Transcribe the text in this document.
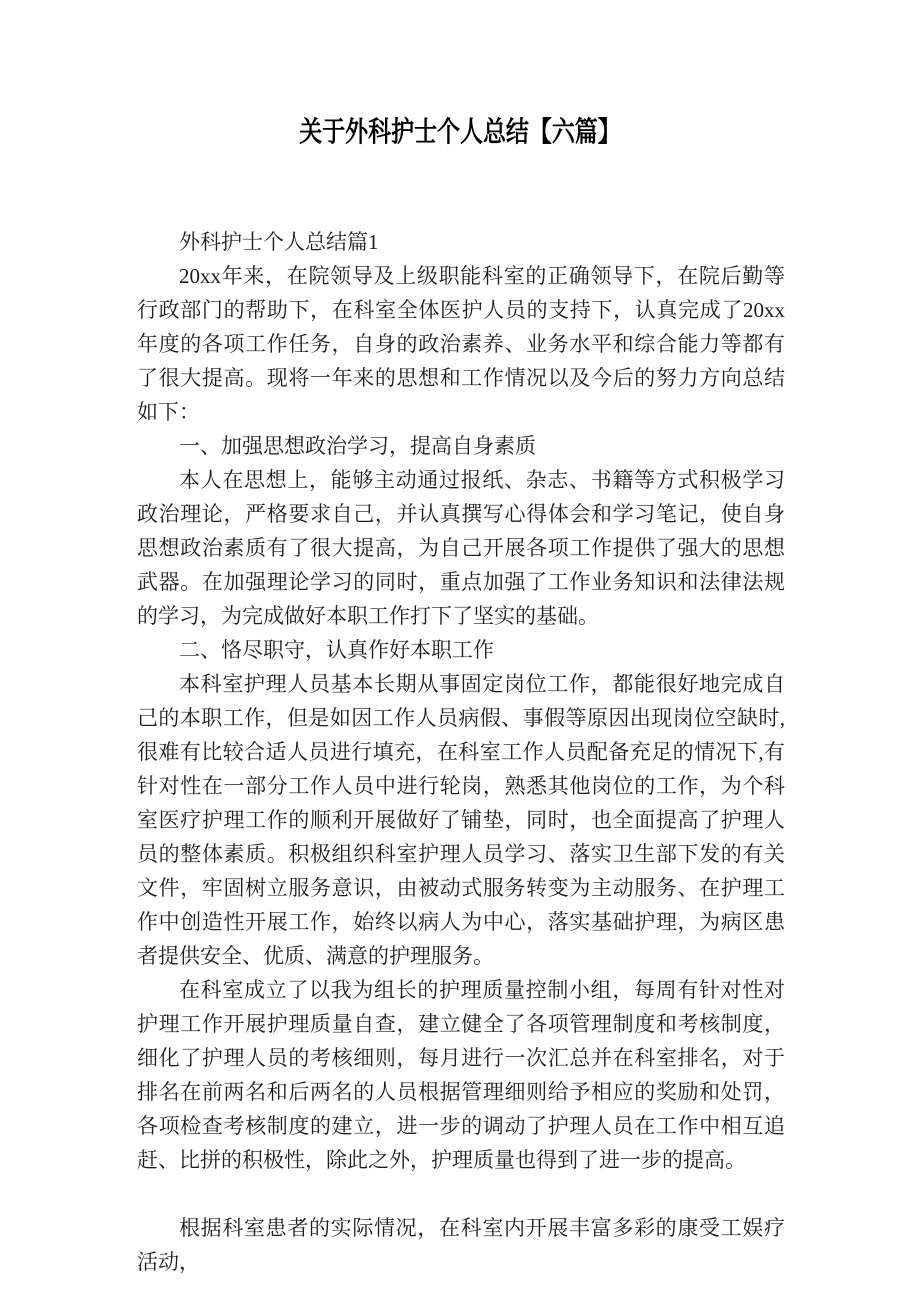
关于外科护士个人总结【六篇】

外科护士个人总结篇1

20xx年来，在院领导及上级职能科室的正确领导下，在院后勤等行政部门的帮助下，在科室全体医护人员的支持下，认真完成了20xx年度的各项工作任务，自身的政治素养、业务水平和综合能力等都有了很大提高。现将一年来的思想和工作情况以及今后的努力方向总结如下：

一、加强思想政治学习，提高自身素质

本人在思想上，能够主动通过报纸、杂志、书籍等方式积极学习政治理论，严格要求自己，并认真撰写心得体会和学习笔记，使自身思想政治素质有了很大提高，为自己开展各项工作提供了强大的思想武器。在加强理论学习的同时，重点加强了工作业务知识和法律法规的学习，为完成做好本职工作打下了坚实的基础。

二、恪尽职守，认真作好本职工作

本科室护理人员基本长期从事固定岗位工作，都能很好地完成自己的本职工作，但是如因工作人员病假、事假等原因出现岗位空缺时,很难有比较合适人员进行填充，在科室工作人员配备充足的情况下,有针对性在一部分工作人员中进行轮岗，熟悉其他岗位的工作，为个科室医疗护理工作的顺利开展做好了铺垫，同时，也全面提高了护理人员的整体素质。积极组织科室护理人员学习、落实卫生部下发的有关文件，牢固树立服务意识，由被动式服务转变为主动服务、在护理工作中创造性开展工作，始终以病人为中心，落实基础护理，为病区患者提供安全、优质、满意的护理服务。

在科室成立了以我为组长的护理质量控制小组，每周有针对性对护理工作开展护理质量自查，建立健全了各项管理制度和考核制度，细化了护理人员的考核细则，每月进行一次汇总并在科室排名，对于排名在前两名和后两名的人员根据管理细则给予相应的奖励和处罚，各项检查考核制度的建立，进一步的调动了护理人员在工作中相互追赶、比拼的积极性，除此之外，护理质量也得到了进一步的提高。

根据科室患者的实际情况，在科室内开展丰富多彩的康受工娱疗活动，
